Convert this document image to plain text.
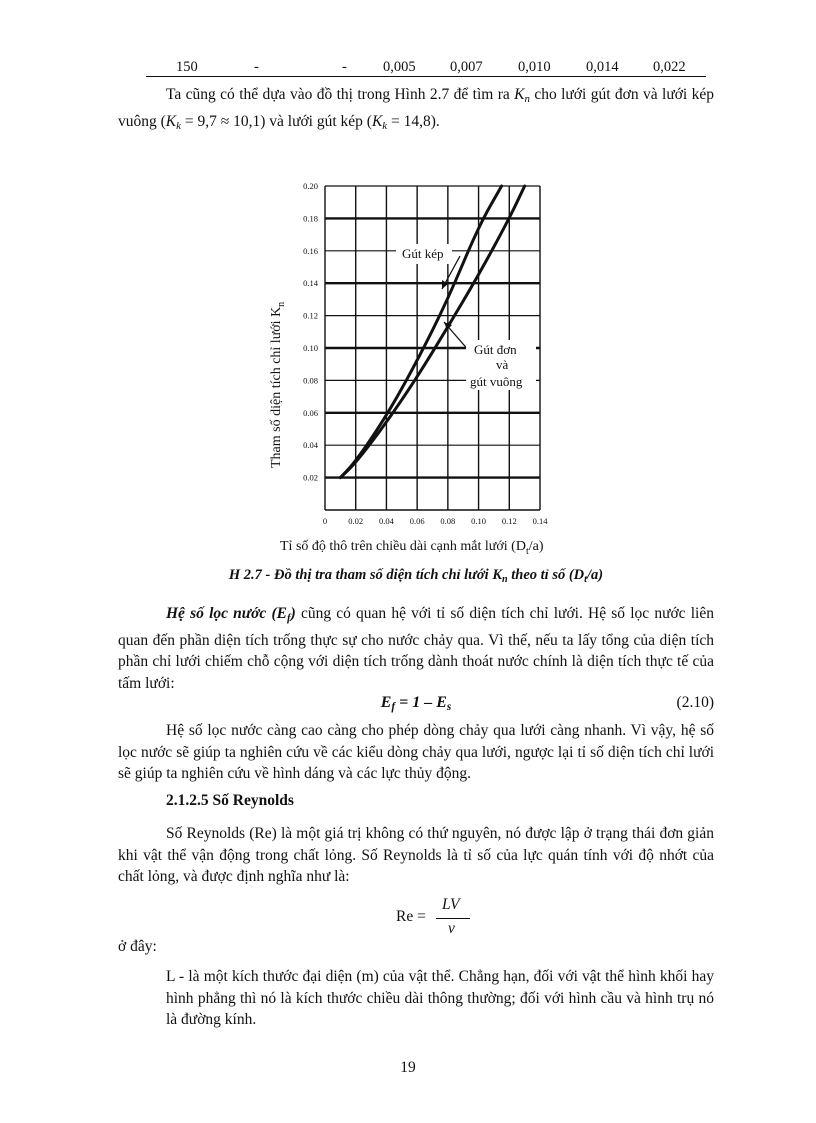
150	-	- 0,005 0,007 0,010 0,014 0,022
Ta cũng có thể dựa vào đồ thị trong Hình 2.7 để tìm ra $K_n$ cho lưới gút đơn và lưới kép vuông $(K_k = 9,7 \approx 10,1)$ và lưới gút kép $(K_k = 14,8)$.
0 0.02 0.04 0.06 0.08 0.10 0.12 0.14
0.02
0.04
0.06
0.08
0.10
0.12
0.14
0.16
0.18
0.20
Gút kép
Gút đơn
và
gút vuông
Tham số diện tích chỉ lưới $K_n$
Tỉ số độ thô trên chiều dài cạnh mắt lưới $(D_t/a)$
H 2.7 - Đồ thị tra tham số diện tích chỉ lưới $K_n$ theo tỉ số $(D_t/a)$
Hệ số lọc nước $(E_f)$ cũng có quan hệ với tỉ số diện tích chỉ lưới. Hệ số lọc nước liên quan đến phần diện tích trống thực sự cho nước chảy qua. Vì thế, nếu ta lấy tổng của diện tích phần chỉ lưới chiếm chỗ cộng với diện tích trống dành thoát nước chính là diện tích thực tế của tấm lưới:
$E_f = 1 - E_s$	(2.10)
Hệ số lọc nước càng cao càng cho phép dòng chảy qua lưới càng nhanh. Vì vậy, hệ số lọc nước sẽ giúp ta nghiên cứu về các kiểu dòng chảy qua lưới, ngược lại tỉ số diện tích chỉ lưới sẽ giúp ta nghiên cứu về hình dáng và các lực thủy động.
2.1.2.5 Số Reynolds
Số Reynolds (Re) là một giá trị không có thứ nguyên, nó được lập ở trạng thái đơn giản khi vật thể vận động trong chất lỏng. Số Reynolds là tỉ số của lực quán tính với độ nhớt của chất lỏng, và được định nghĩa như là:
Re =
LV
ν
ở đây:
L - là một kích thước đại diện (m) của vật thể. Chẳng hạn, đối với vật thể hình khối hay hình phẳng thì nó là kích thước chiều dài thông thường; đối với hình cầu và hình trụ nó là đường kính.
19
